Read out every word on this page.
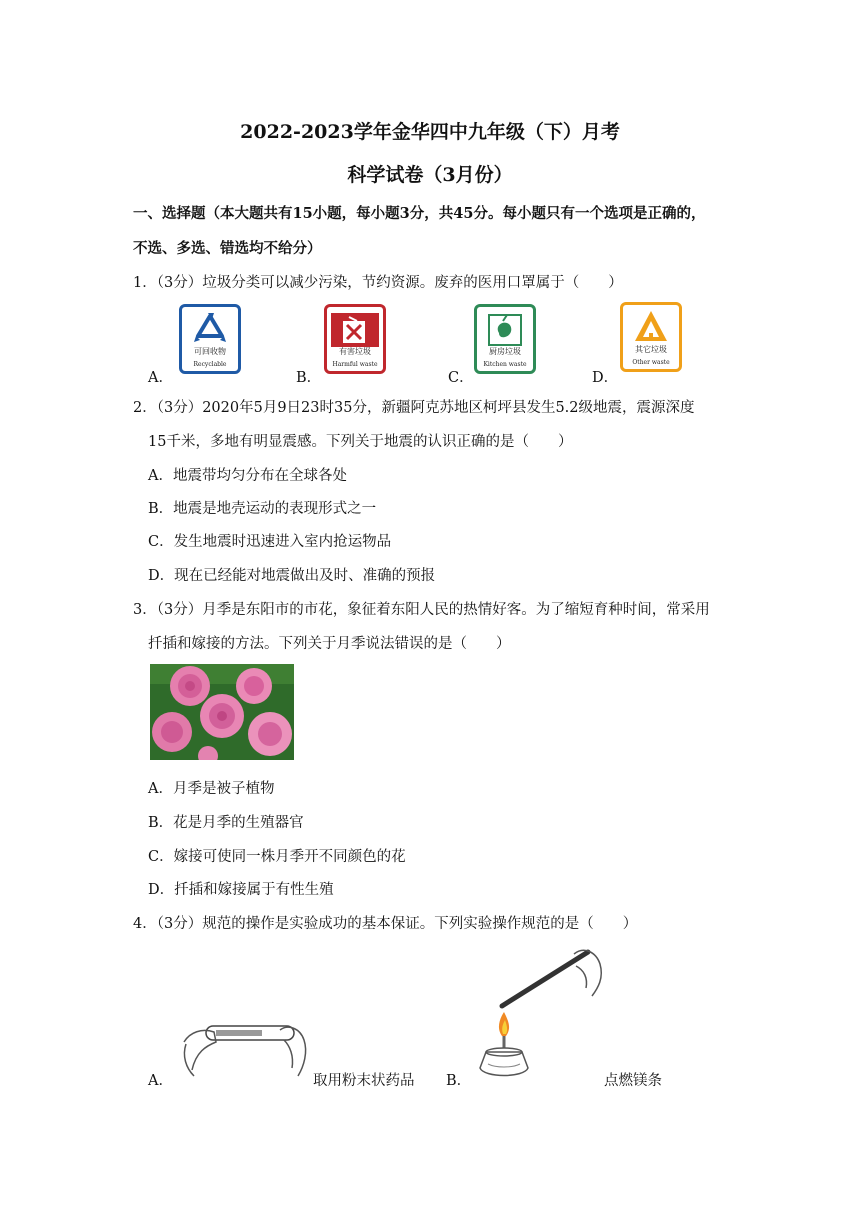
2022-2023学年金华四中九年级（下）月考
科学试卷（3月份）
一、选择题（本大题共有15小题，每小题3分，共45分。每小题只有一个选项是正确的，
不选、多选、错选均不给分）
1．（3分）垃圾分类可以减少污染，节约资源。废弃的医用口罩属于（　　）
A．
可回收物
Recyclable
B．
有害垃圾
Harmful waste
C．
厨房垃圾
Kitchen waste
D．
其它垃圾
Other waste
2．（3分）2020年5月9日23时35分，新疆阿克苏地区柯坪县发生5.2级地震，震源深度
15千米，多地有明显震感。下列关于地震的认识正确的是（　　）
A．地震带均匀分布在全球各处
B．地震是地壳运动的表现形式之一
C．发生地震时迅速进入室内抢运物品
D．现在已经能对地震做出及时、准确的预报
3．（3分）月季是东阳市的市花，象征着东阳人民的热情好客。为了缩短育种时间，常采用
扦插和嫁接的方法。下列关于月季说法错误的是（　　）
A．月季是被子植物
B．花是月季的生殖器官
C．嫁接可使同一株月季开不同颜色的花
D．扦插和嫁接属于有性生殖
4．（3分）规范的操作是实验成功的基本保证。下列实验操作规范的是（　　）
A．	取用粉末状药品 B．	点燃镁条
